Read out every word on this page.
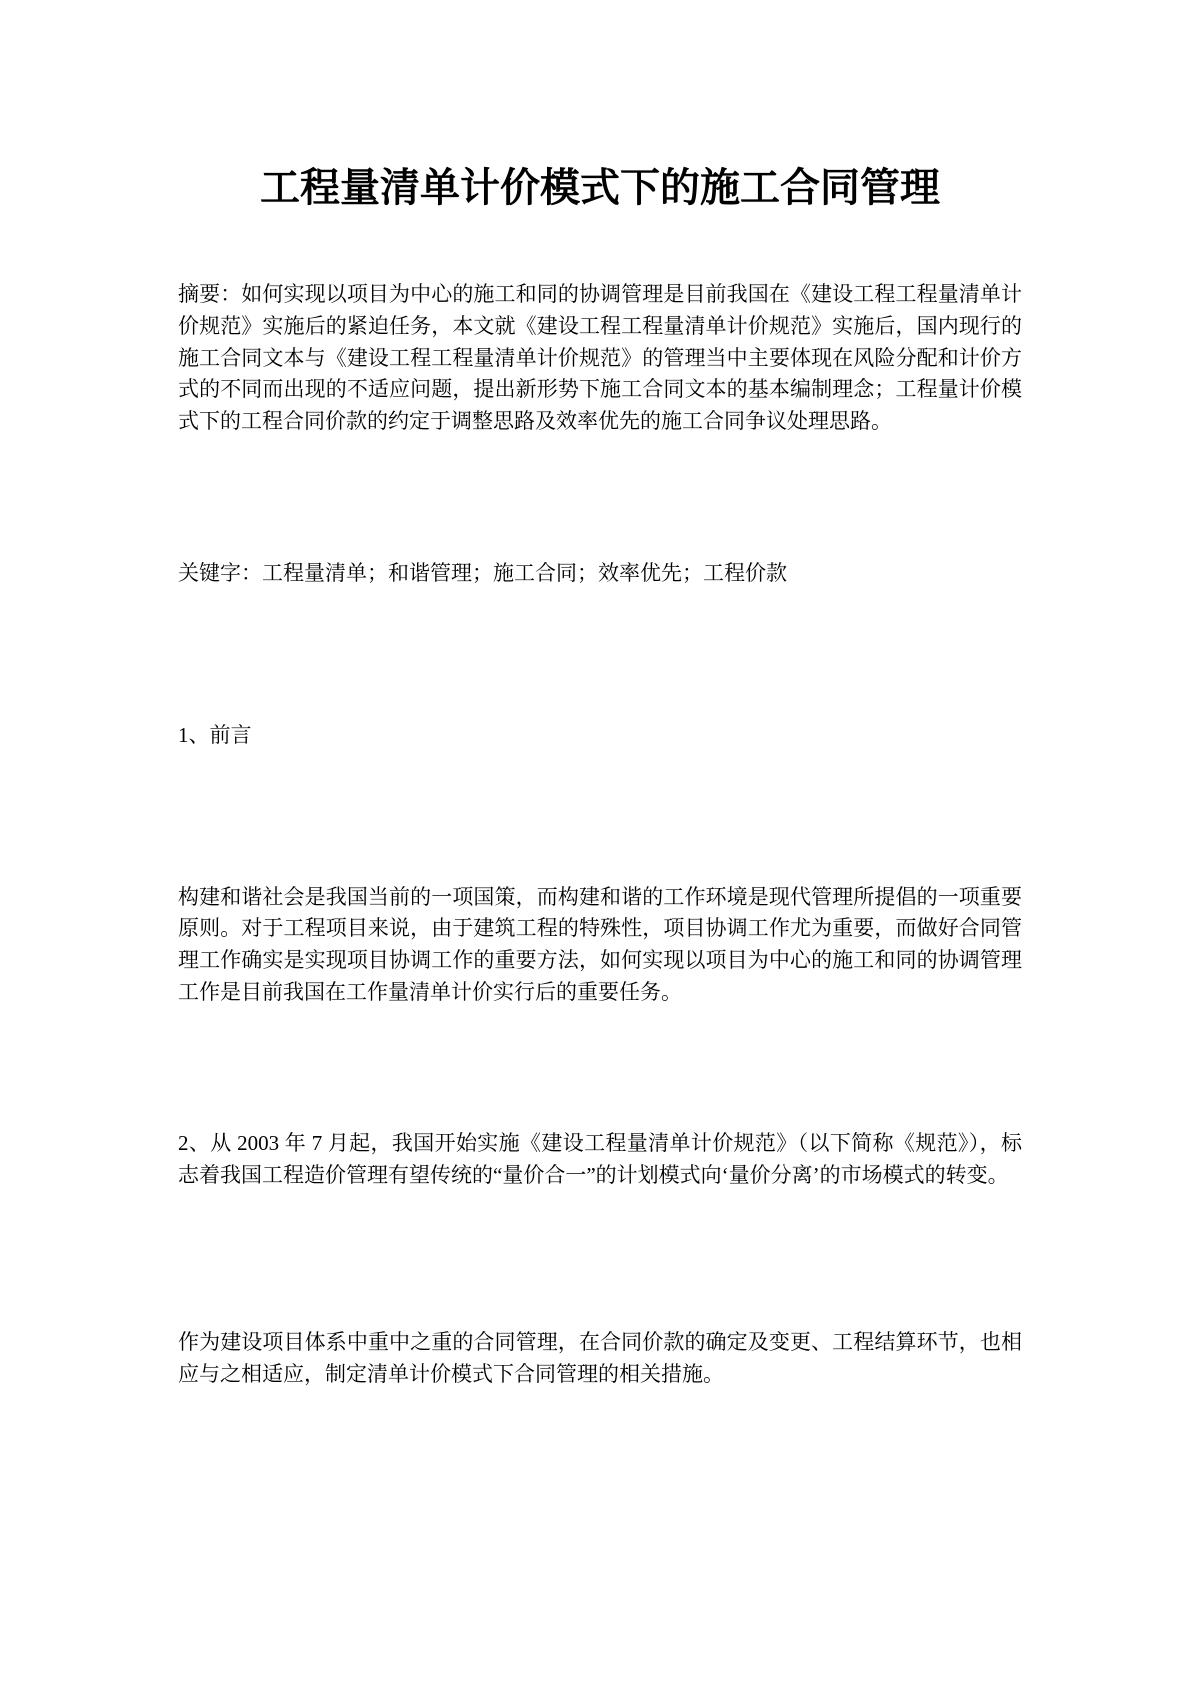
工程量清单计价模式下的施工合同管理

摘要：如何实现以项目为中心的施工和同的协调管理是目前我国在《建设工程工程量清单计价规范》实施后的紧迫任务，本文就《建设工程工程量清单计价规范》实施后，国内现行的施工合同文本与《建设工程工程量清单计价规范》的管理当中主要体现在风险分配和计价方式的不同而出现的不适应问题，提出新形势下施工合同文本的基本编制理念；工程量计价模式下的工程合同价款的约定于调整思路及效率优先的施工合同争议处理思路。

关键字：工程量清单；和谐管理；施工合同；效率优先；工程价款

1、前言

构建和谐社会是我国当前的一项国策，而构建和谐的工作环境是现代管理所提倡的一项重要原则。对于工程项目来说，由于建筑工程的特殊性，项目协调工作尤为重要，而做好合同管理工作确实是实现项目协调工作的重要方法，如何实现以项目为中心的施工和同的协调管理工作是目前我国在工作量清单计价实行后的重要任务。

2、从 2003 年 7 月起，我国开始实施《建设工程量清单计价规范》（以下简称《规范》），标志着我国工程造价管理有望传统的“量价合一”的计划模式向‘量价分离’的市场模式的转变。

作为建设项目体系中重中之重的合同管理，在合同价款的确定及变更、工程结算环节，也相应与之相适应，制定清单计价模式下合同管理的相关措施。
